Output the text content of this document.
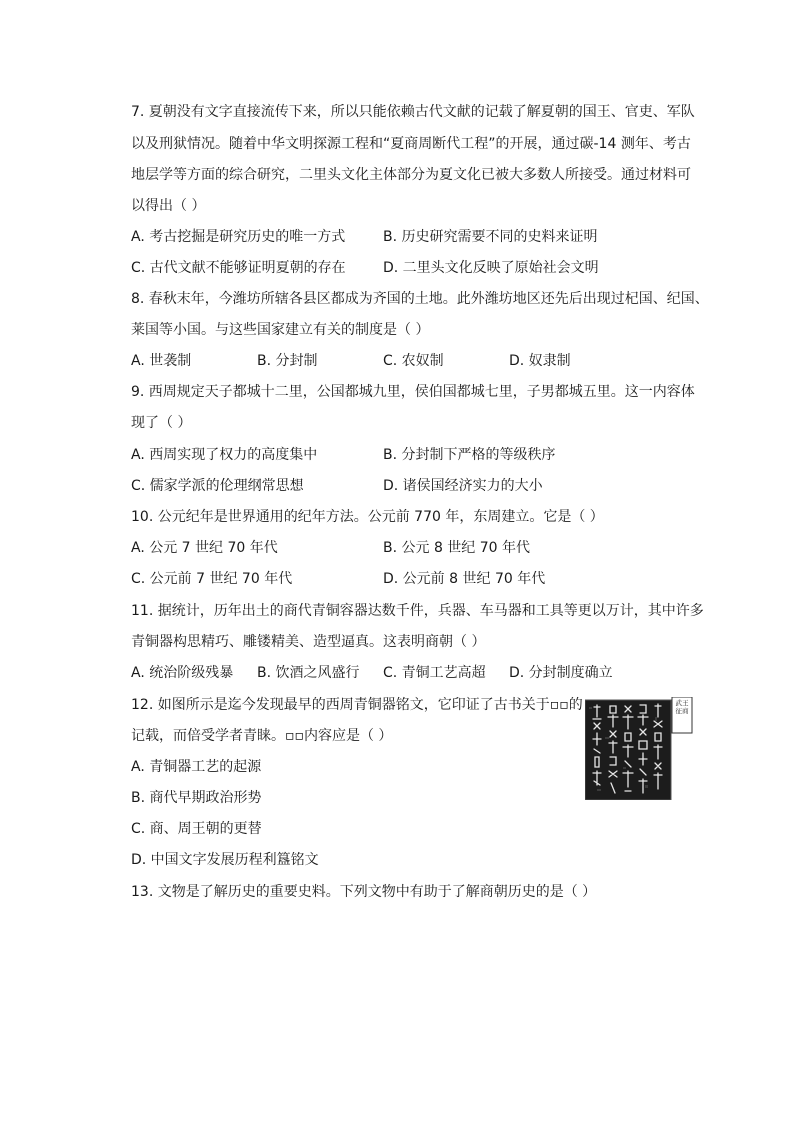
7. 夏朝没有文字直接流传下来，所以只能依赖古代文献的记载了解夏朝的国王、官吏、军队
以及刑狱情况。随着中华文明探源工程和“夏商周断代工程”的开展，通过碳-14 测年、考古
地层学等方面的综合研究，二里头文化主体部分为夏文化已被大多数人所接受。通过材料可
以得出（ ）
A. 考古挖掘是研究历史的唯一方式	B. 历史研究需要不同的史料来证明
C. 古代文献不能够证明夏朝的存在	D. 二里头文化反映了原始社会文明
8. 春秋末年，今潍坊所辖各县区都成为齐国的土地。此外潍坊地区还先后出现过杞国、纪国、
莱国等小国。与这些国家建立有关的制度是（ ）
A. 世袭制	B. 分封制	C. 农奴制	D. 奴隶制
9. 西周规定天子都城十二里，公国都城九里，侯伯国都城七里，子男都城五里。这一内容体
现了（ ）
A. 西周实现了权力的高度集中	B. 分封制下严格的等级秩序
C. 儒家学派的伦理纲常思想	D. 诸侯国经济实力的大小
10. 公元纪年是世界通用的纪年方法。公元前 770 年，东周建立。它是（ ）
A. 公元 7 世纪 70 年代	B. 公元 8 世纪 70 年代
C. 公元前 7 世纪 70 年代	D. 公元前 8 世纪 70 年代
11. 据统计，历年出土的商代青铜容器达数千件，兵器、车马器和工具等更以万计，其中许多
青铜器构思精巧、雕镂精美、造型逼真。这表明商朝（ ）
A. 统治阶级残暴 B. 饮酒之风盛行 C. 青铜工艺高超 D. 分封制度确立
12. 如图所示是迄今发现最早的西周青铜器铭文，它印证了古书关于▫▫的
记载，而倍受学者青睐。▫▫内容应是（ ）
A. 青铜器工艺的起源
B. 商代早期政治形势
C. 商、周王朝的更替
D. 中国文字发展历程利簋铭文
武王征商
13. 文物是了解历史的重要史料。下列文物中有助于了解商朝历史的是（ ）
